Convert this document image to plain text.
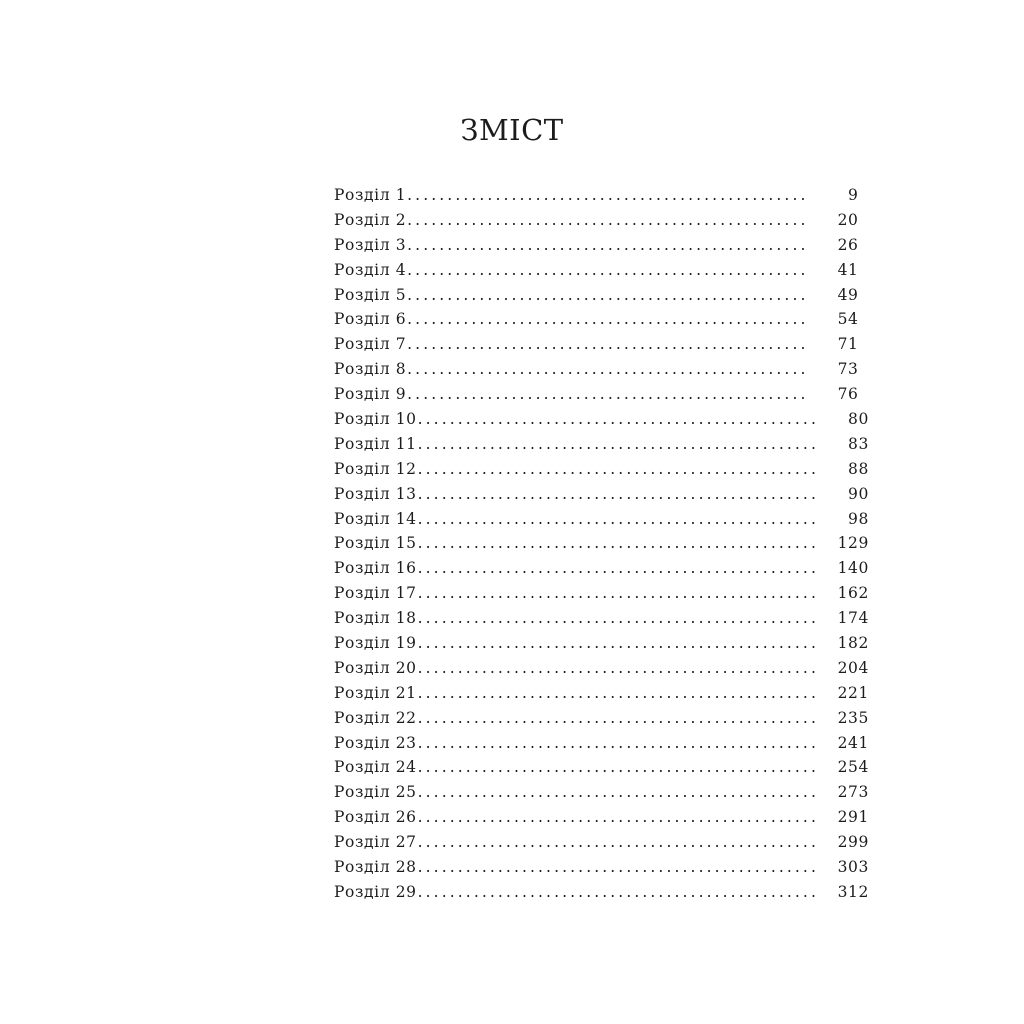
ЗМІСТ
Розділ 1 ..................................................	9
Розділ 2 ..................................................	20
Розділ 3 ..................................................	26
Розділ 4 ..................................................	41
Розділ 5 ..................................................	49
Розділ 6 ..................................................	54
Розділ 7 ..................................................	71
Розділ 8 ..................................................	73
Розділ 9 ..................................................	76
Розділ 10 ..................................................	80
Розділ 11 ..................................................	83
Розділ 12 ..................................................	88
Розділ 13 ..................................................	90
Розділ 14 ..................................................	98
Розділ 15 .................................................. 129
Розділ 16 .................................................. 140
Розділ 17 .................................................. 162
Розділ 18 .................................................. 174
Розділ 19 .................................................. 182
Розділ 20 .................................................. 204
Розділ 21 .................................................. 221
Розділ 22 .................................................. 235
Розділ 23 .................................................. 241
Розділ 24 .................................................. 254
Розділ 25 .................................................. 273
Розділ 26 .................................................. 291
Розділ 27 .................................................. 299
Розділ 28 .................................................. 303
Розділ 29 .................................................. 312
